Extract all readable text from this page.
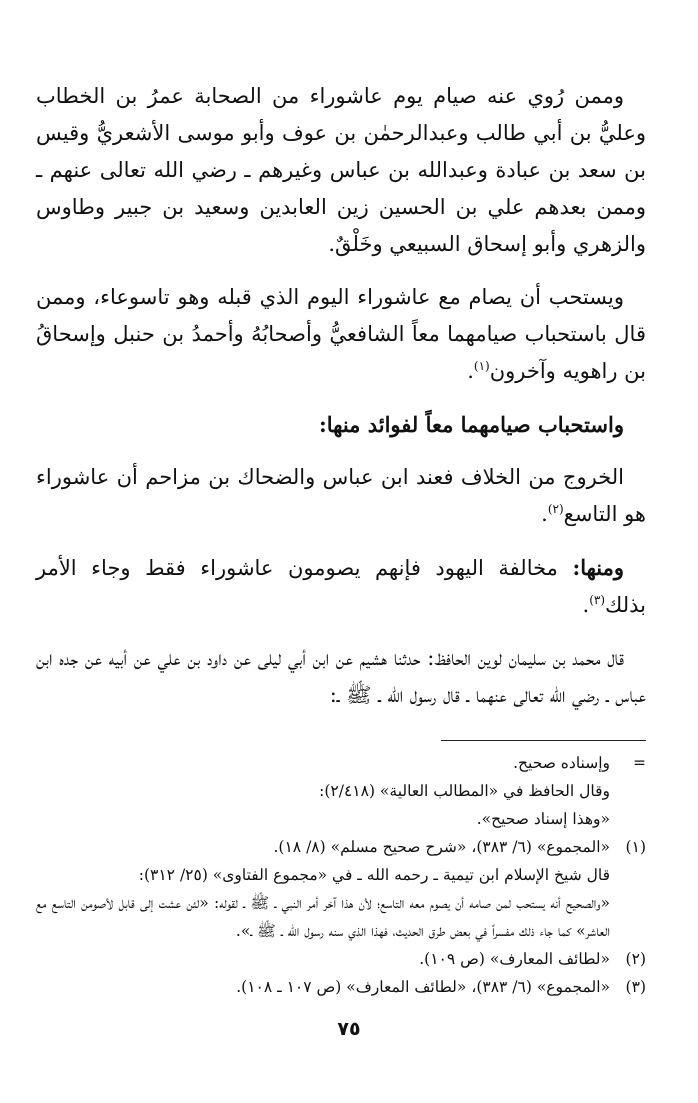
وممن رُوي عنه صيام يوم عاشوراء من الصحابة عمرُ بن الخطاب وعليُّ بن أبي طالب وعبدالرحمٰن بن عوف وأبو موسى الأشعريُّ وقيس بن سعد بن عبادة وعبدالله بن عباس وغيرهم ـ رضي الله تعالى عنهم ـ وممن بعدهم علي بن الحسين زين العابدين وسعيد بن جبير وطاوس والزهري وأبو إسحاق السبيعي وخَلْقٌ.

ويستحب أن يصام مع عاشوراء اليوم الذي قبله وهو تاسوعاء، وممن قال باستحباب صيامهما معاً الشافعيُّ وأصحابُهُ وأحمدُ بن حنبل وإسحاقُ بن راهويه وآخرون$^{(١)}$.

واستحباب صيامهما معاً لفوائد منها:

الخروج من الخلاف فعند ابن عباس والضحاك بن مزاحم أن عاشوراء هو التاسع$^{(٢)}$.

ومنها: مخالفة اليهود فإنهم يصومون عاشوراء فقط وجاء الأمر بذلك$^{(٣)}$.

قال محمد بن سليمان لوين الحافظ: حدثنا هشيم عن ابن أبي ليلى عن داود بن علي عن أبيه عن جده ابن عباس ـ رضي الله تعالى عنهما ـ قال رسول الله ـ ﷺ ـ:

=
وإسناده صحيح.
وقال الحافظ في «المطالب العالية» (٢/٤١٨):
«وهذا إسناد صحيح».
(١)
«المجموع» (٦/ ٣٨٣)، «شرح صحيح مسلم» (٨/ ١٨).
قال شيخ الإسلام ابن تيمية ـ رحمه الله ـ في «مجموع الفتاوى» (٢٥/ ٣١٢):
«والصحيح أنه يستحب لمن صامه أن يصوم معه التاسع؛ لأن هذا آخر أمر النبي ـ ﷺ ـ لقوله: «لئن عشت إلى قابل لأصومن التاسع مع العاشر» كما جاء ذلك مفسراً في بعض طرق الحديث، فهذا الذي سنه رسول الله ـ ﷺ ـ».
(٢)
«لطائف المعارف» (ص ١٠٩).
(٣)
«المجموع» (٦/ ٣٨٣)، «لطائف المعارف» (ص ١٠٧ ـ ١٠٨).
٧٥
